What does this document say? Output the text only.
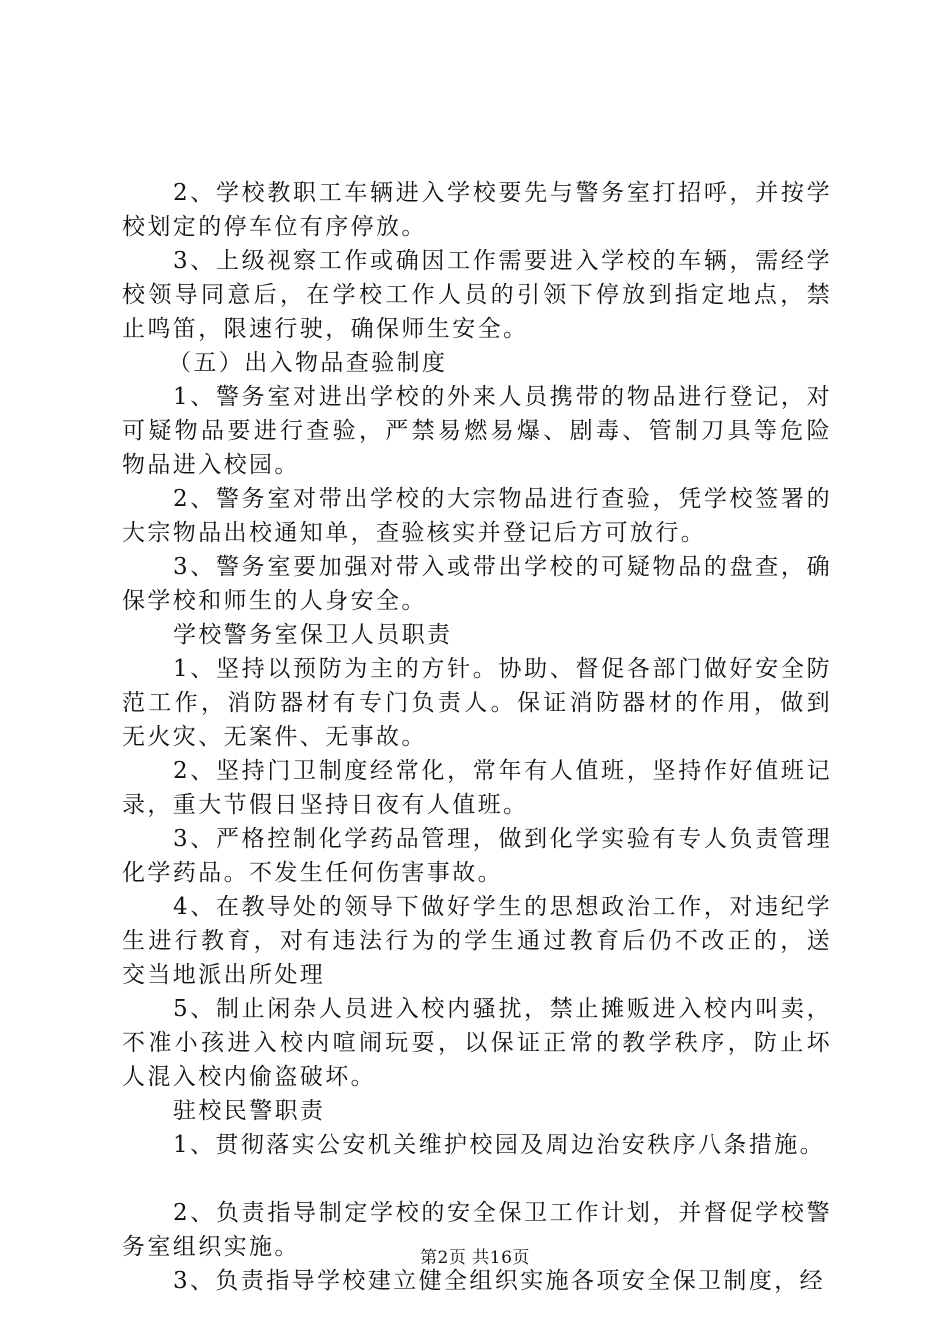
2、学校教职工车辆进入学校要先与警务室打招呼，并按学校划定的停车位有序停放。

3、上级视察工作或确因工作需要进入学校的车辆，需经学校领导同意后，在学校工作人员的引领下停放到指定地点，禁止鸣笛，限速行驶，确保师生安全。

（五）出入物品查验制度

1、警务室对进出学校的外来人员携带的物品进行登记，对可疑物品要进行查验，严禁易燃易爆、剧毒、管制刀具等危险物品进入校园。

2、警务室对带出学校的大宗物品进行查验，凭学校签署的大宗物品出校通知单，查验核实并登记后方可放行。

3、警务室要加强对带入或带出学校的可疑物品的盘查，确保学校和师生的人身安全。

学校警务室保卫人员职责

1、坚持以预防为主的方针。协助、督促各部门做好安全防范工作，消防器材有专门负责人。保证消防器材的作用，做到无火灾、无案件、无事故。

2、坚持门卫制度经常化，常年有人值班，坚持作好值班记录，重大节假日坚持日夜有人值班。

3、严格控制化学药品管理，做到化学实验有专人负责管理化学药品。不发生任何伤害事故。

4、在教导处的领导下做好学生的思想政治工作，对违纪学生进行教育，对有违法行为的学生通过教育后仍不改正的，送交当地派出所处理

5、制止闲杂人员进入校内骚扰，禁止摊贩进入校内叫卖，不准小孩进入校内喧闹玩耍，以保证正常的教学秩序，防止坏人混入校内偷盗破坏。

驻校民警职责

1、贯彻落实公安机关维护校园及周边治安秩序八条措施。

2、负责指导制定学校的安全保卫工作计划，并督促学校警务室组织实施。

3、负责指导学校建立健全组织实施各项安全保卫制度，经

第2页 共16页
